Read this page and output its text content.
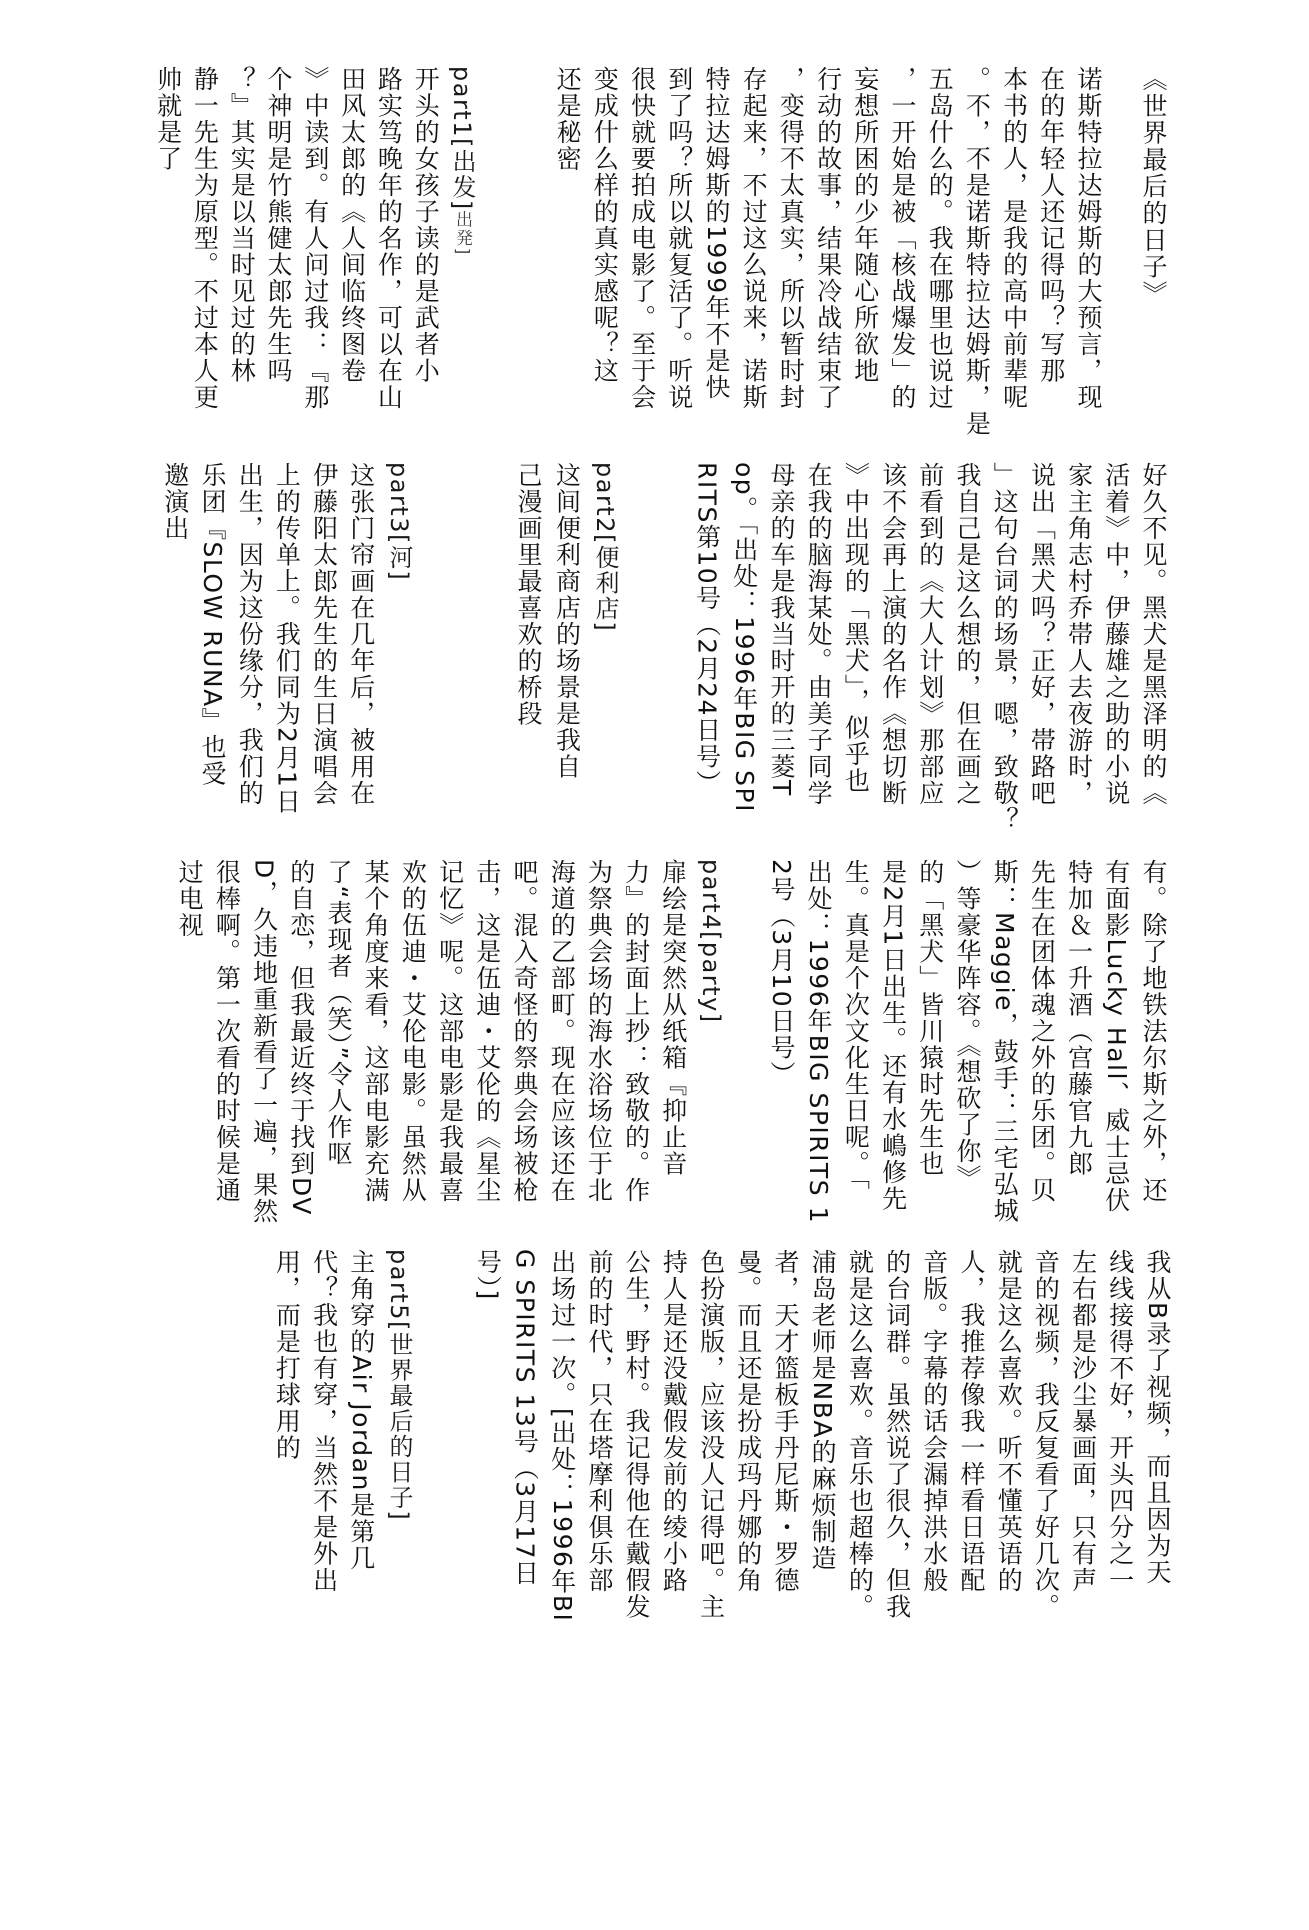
《世界最后的日子》
诺斯特拉达姆斯的大预言，现
在的年轻人还记得吗？写那
本书的人，是我的高中前辈呢
。不，不是诺斯特拉达姆斯，是
五岛什么的。我在哪里也说过
，一开始是被「核战爆发」的
妄想所困的少年随心所欲地
行动的故事，结果冷战结束了
，变得不太真实，所以暂时封
存起来，不过这么说来，诺斯
特拉达姆斯的1999年不是快
到了吗？所以就复活了。听说
很快就要拍成电影了。至于会
变成什么样的真实感呢？这
还是秘密
part1[出发]出発]
开头的女孩子读的是武者小
路实笃晚年的名作，可以在山
田风太郎的《人间临终图卷
》中读到。有人问过我：『那
个神明是竹熊健太郎先生吗
？』其实是以当时见过的林
静一先生为原型。不过本人更
帅就是了
好久不见。黑犬是黑泽明的《
活着》中，伊藤雄之助的小说
家主角志村乔帯人去夜游时，
说出「黑犬吗？正好，帯路吧
」这句台词的场景，嗯，致敬？
我自己是这么想的，但在画之
前看到的《大人计划》那部应
该不会再上演的名作《想切断
》中出现的「黑犬」，似乎也
在我的脑海某处。由美子同学
母亲的车是我当时开的三菱T
op。「出处：1996年BIG SPI
RITS第10号（2月24日号）
part2[便利店]
这间便利商店的场景是我自
己漫画里最喜欢的桥段
part3[河]
这张门帘画在几年后，被用在
伊藤阳太郎先生的生日演唱会
上的传单上。我们同为2月1日
出生，因为这份缘分，我们的
乐团『SLOW RUNA』也受
邀演出
有。除了地铁法尔斯之外，还
有面影Lucky Hall、威士忌伏
特加＆一升酒（宫藤官九郎
先生在团体魂之外的乐团。贝
斯：Maggie，鼓手：三宅弘城
）等豪华阵容。《想砍了你》
的「黑犬」皆川猿时先生也
是2月1日出生。还有水嶋修先
生。真是个次文化生日呢。「
出处：1996年BIG SPIRITS 1
2号（3月10日号）
part4[party]
扉绘是突然从纸箱『抑止音
力』的封面上抄：致敬的。作
为祭典会场的海水浴场位于北
海道的乙部町。现在应该还在
吧。混入奇怪的祭典会场被枪
击，这是伍迪・艾伦的《星尘
记忆》呢。这部电影是我最喜
欢的伍迪・艾伦电影。虽然从
某个角度来看，这部电影充满
了“表现者（笑）”令人作呕
的自恋，但我最近终于找到DV
D，久违地重新看了一遍，果然
很棒啊。第一次看的时候是通
过电视
我从B录了视频，而且因为天
线线接得不好，开头四分之一
左右都是沙尘暴画面，只有声
音的视频，我反复看了好几次。
就是这么喜欢。听不懂英语的
人，我推荐像我一样看日语配
音版。字幕的话会漏掉洪水般
的台词群。虽然说了很久，但我
就是这么喜欢。音乐也超棒的。
浦岛老师是NBA的麻烦制造
者，天才篮板手丹尼斯・罗德
曼。而且还是扮成玛丹娜的角
色扮演版，应该没人记得吧。主
持人是还没戴假发前的绫小路
公生，野村。我记得他在戴假发
前的时代，只在塔摩利俱乐部
出场过一次。[出处：1996年BI
G SPIRITS 13号（3月17日
号）]
part5[世界最后的日子]
主角穿的Air Jordan是第几
代？我也有穿，当然不是外出
用，而是打球用的
